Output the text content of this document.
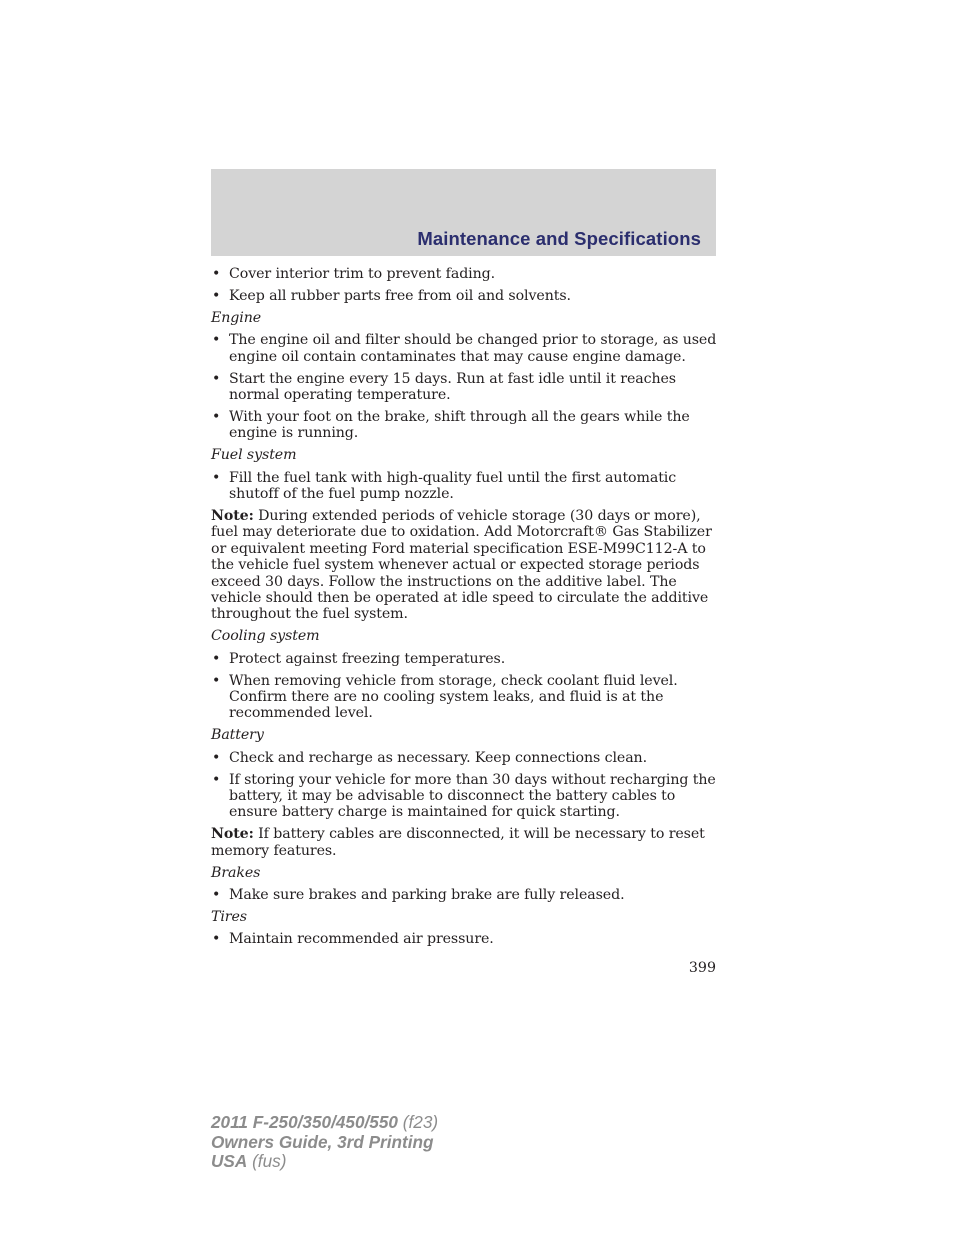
Maintenance and Specifications
• Cover interior trim to prevent fading.
• Keep all rubber parts free from oil and solvents.
Engine
• The engine oil and filter should be changed prior to storage, as used engine oil contain contaminates that may cause engine damage.
• Start the engine every 15 days. Run at fast idle until it reaches normal operating temperature.
• With your foot on the brake, shift through all the gears while the engine is running.
Fuel system
• Fill the fuel tank with high-quality fuel until the first automatic shutoff of the fuel pump nozzle.

Note: During extended periods of vehicle storage (30 days or more), fuel may deteriorate due to oxidation. Add Motorcraft® Gas Stabilizer or equivalent meeting Ford material specification ESE-M99C112-A to the vehicle fuel system whenever actual or expected storage periods exceed 30 days. Follow the instructions on the additive label. The vehicle should then be operated at idle speed to circulate the additive throughout the fuel system.

Cooling system
• Protect against freezing temperatures.
• When removing vehicle from storage, check coolant fluid level. Confirm there are no cooling system leaks, and fluid is at the recommended level.
Battery
• Check and recharge as necessary. Keep connections clean.
• If storing your vehicle for more than 30 days without recharging the battery, it may be advisable to disconnect the battery cables to ensure battery charge is maintained for quick starting.

Note: If battery cables are disconnected, it will be necessary to reset memory features.

Brakes
• Make sure brakes and parking brake are fully released.
Tires
• Maintain recommended air pressure.
399
2011 F-250/350/450/550 (f23)
Owners Guide, 3rd Printing
USA (fus)
